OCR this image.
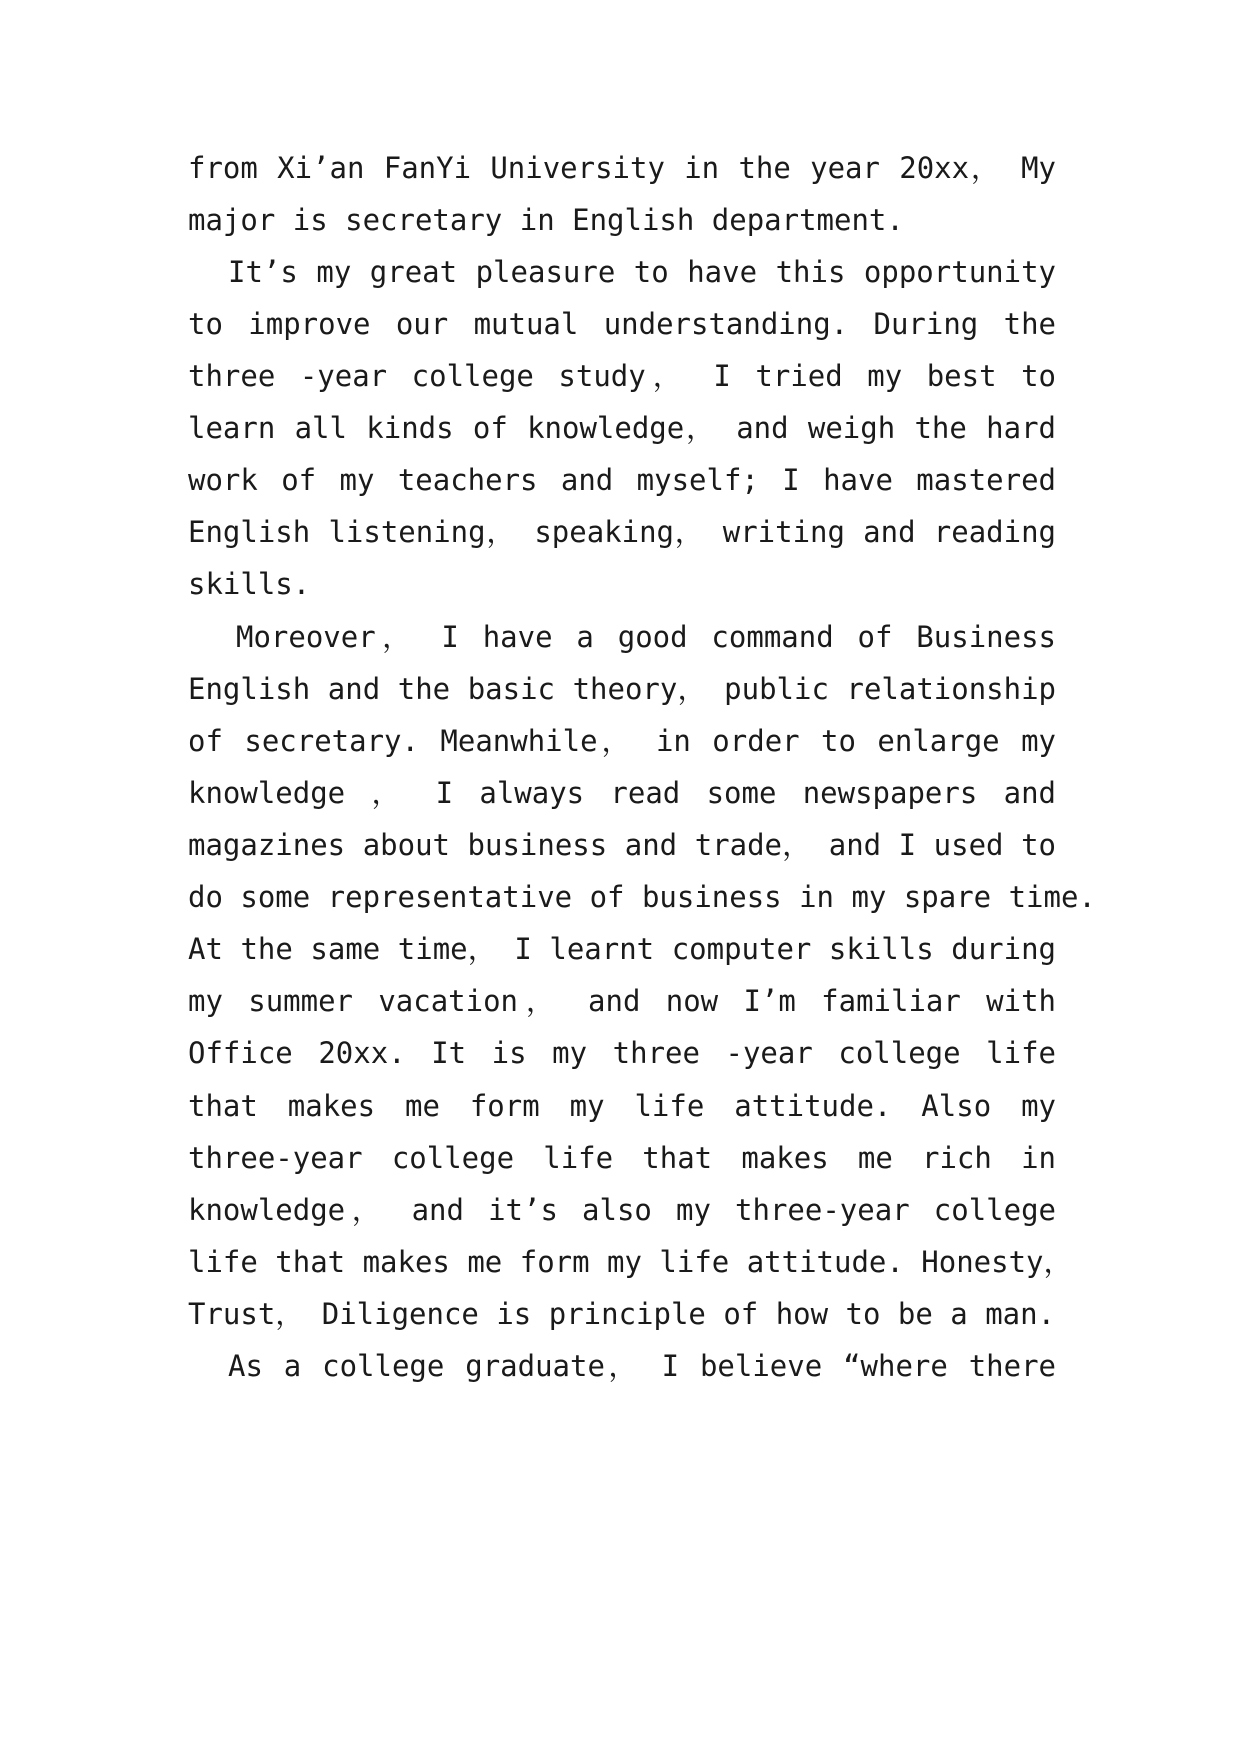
from Xi’an FanYi University in the year 20xx， My
major is secretary in English department.
It’s my great pleasure to have this opportunity
to improve our mutual understanding. During the
three -year college study， I tried my best to
learn all kinds of knowledge， and weigh the hard
work of my teachers and myself; I have mastered
English listening， speaking， writing and reading
skills.
Moreover， I have a good command of Business
English and the basic theory， public relationship
of secretary. Meanwhile， in order to enlarge my
knowledge ， I always read some newspapers and
magazines about business and trade， and I used to
do some representative of business in my spare time.
At the same time， I learnt computer skills during
my summer vacation， and now I’m familiar with
Office 20xx. It is my three -year college life
that makes me form my life attitude. Also my
three-year college life that makes me rich in
knowledge， and it’s also my three-year college
life that makes me form my life attitude. Honesty，
Trust， Diligence is principle of how to be a man.
As a college graduate， I believe “where there
